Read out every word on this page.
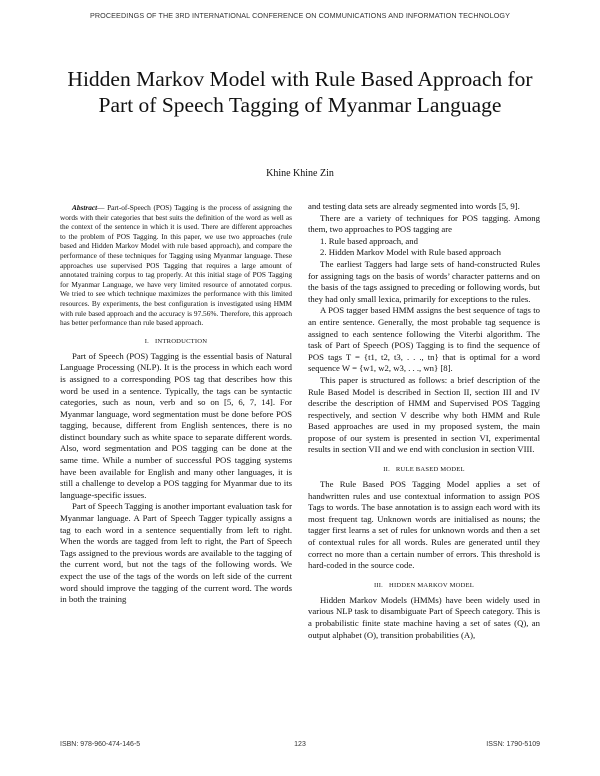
PROCEEDINGS OF THE 3RD INTERNATIONAL CONFERENCE ON COMMUNICATIONS AND INFORMATION TECHNOLOGY
Hidden Markov Model with Rule Based Approach for Part of Speech Tagging of Myanmar Language
Khine Khine Zin

Abstract— Part-of-Speech (POS) Tagging is the process of assigning the words with their categories that best suits the definition of the word as well as the context of the sentence in which it is used. There are different approaches to the problem of POS Tagging. In this paper, we use two approaches (rule based and Hidden Markov Model with rule based approach), and compare the performance of these techniques for Tagging using Myanmar language. These approaches use supervised POS Tagging that requires a large amount of annotated training corpus to tag properly. At this initial stage of POS Tagging for Myanmar Language, we have very limited resource of annotated corpus. We tried to see which technique maximizes the performance with this limited resources. By experiments, the best configuration is investigated using HMM with rule based approach and the accuracy is 97.56%. Therefore, this approach has better performance than rule based approach.

I. INTRODUCTION

Part of Speech (POS) Tagging is the essential basis of Natural Language Processing (NLP). It is the process in which each word is assigned to a corresponding POS tag that describes how this word be used in a sentence. Typically, the tags can be syntactic categories, such as noun, verb and so on [5, 6, 7, 14]. For Myanmar language, word segmentation must be done before POS tagging, because, different from English sentences, there is no distinct boundary such as white space to separate different words. Also, word segmentation and POS tagging can be done at the same time. While a number of successful POS tagging systems have been available for English and many other languages, it is still a challenge to develop a POS tagging for Myanmar due to its language-specific issues.

Part of Speech Tagging is another important evaluation task for Myanmar language. A Part of Speech Tagger typically assigns a tag to each word in a sentence sequentially from left to right. When the words are tagged from left to right, the Part of Speech Tags assigned to the previous words are available to the tagging of the current word, but not the tags of the following words. We expect the use of the tags of the words on left side of the current word should improve the tagging of the current word. The words in both the training

and testing data sets are already segmented into words [5, 9].

There are a variety of techniques for POS tagging. Among them, two approaches to POS tagging are

1. Rule based approach, and
2. Hidden Markov Model with Rule based approach

The earliest Taggers had large sets of hand-constructed Rules for assigning tags on the basis of words’ character patterns and on the basis of the tags assigned to preceding or following words, but they had only small lexica, primarily for exceptions to the rules.

A POS tagger based HMM assigns the best sequence of tags to an entire sentence. Generally, the most probable tag sequence is assigned to each sentence following the Viterbi algorithm. The task of Part of Speech (POS) Tagging is to find the sequence of POS tags T = {t1, t2, t3, . . ., tn} that is optimal for a word sequence W = {w1, w2, w3, . . ., wn} [8].

This paper is structured as follows: a brief description of the Rule Based Model is described in Section II, section III and IV describe the description of HMM and Supervised POS Tagging respectively, and section V describe why both HMM and Rule Based approaches are used in my proposed system, the main propose of our system is presented in section VI, experimental results in section VII and we end with conclusion in section VIII.

II. RULE BASED MODEL

The Rule Based POS Tagging Model applies a set of handwritten rules and use contextual information to assign POS Tags to words. The base annotation is to assign each word with its most frequent tag. Unknown words are initialised as nouns; the tagger first learns a set of rules for unknown words and then a set of contextual rules for all words. Rules are generated until they correct no more than a certain number of errors. This threshold is hard-coded in the source code.

III. HIDDEN MARKOV MODEL

Hidden Markov Models (HMMs) have been widely used in various NLP task to disambiguate Part of Speech category. This is a probabilistic finite state machine having a set of sates (Q), an output alphabet (O), transition probabilities (A),

ISBN: 978-960-474-146-5	123	ISSN: 1790-5109
